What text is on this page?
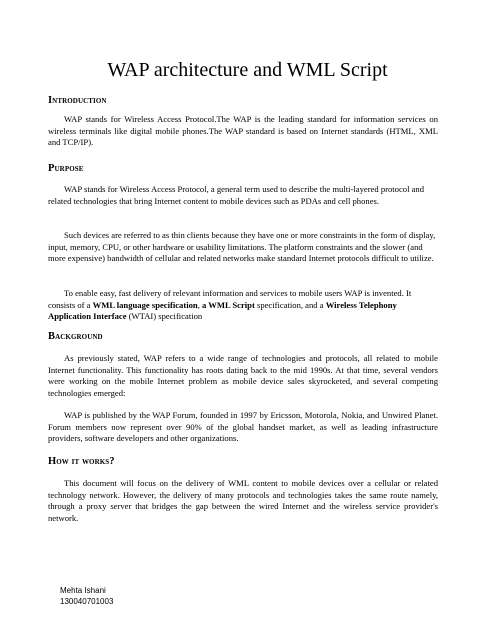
WAP architecture and WML Script
Introduction

WAP stands for Wireless Access Protocol.The WAP is the leading standard for information services on wireless terminals like digital mobile phones.The WAP standard is based on Internet standards (HTML, XML and TCP/IP).

Purpose

WAP stands for Wireless Access Protocol, a general term used to describe the multi-layered protocol and related technologies that bring Internet content to mobile devices such as PDAs and cell phones.

Such devices are referred to as thin clients because they have one or more constraints in the form of display, input, memory, CPU, or other hardware or usability limitations. The platform constraints and the slower (and more expensive) bandwidth of cellular and related networks make standard Internet protocols difficult to utilize.

To enable easy, fast delivery of relevant information and services to mobile users WAP is invented. It consists of a WML language specification, a WML Script specification, and a Wireless Telephony Application Interface (WTAI) specification

Background

As previously stated, WAP refers to a wide range of technologies and protocols, all related to mobile Internet functionality. This functionality has roots dating back to the mid 1990s. At that time, several vendors were working on the mobile Internet problem as mobile device sales skyrocketed, and several competing technologies emerged:

WAP is published by the WAP Forum, founded in 1997 by Ericsson, Motorola, Nokia, and Unwired Planet. Forum members now represent over 90% of the global handset market, as well as leading infrastructure providers, software developers and other organizations.

How it works?

This document will focus on the delivery of WML content to mobile devices over a cellular or related technology network. However, the delivery of many protocols and technologies takes the same route namely, through a proxy server that bridges the gap between the wired Internet and the wireless service provider's network.

Mehta Ishani
130040701003
